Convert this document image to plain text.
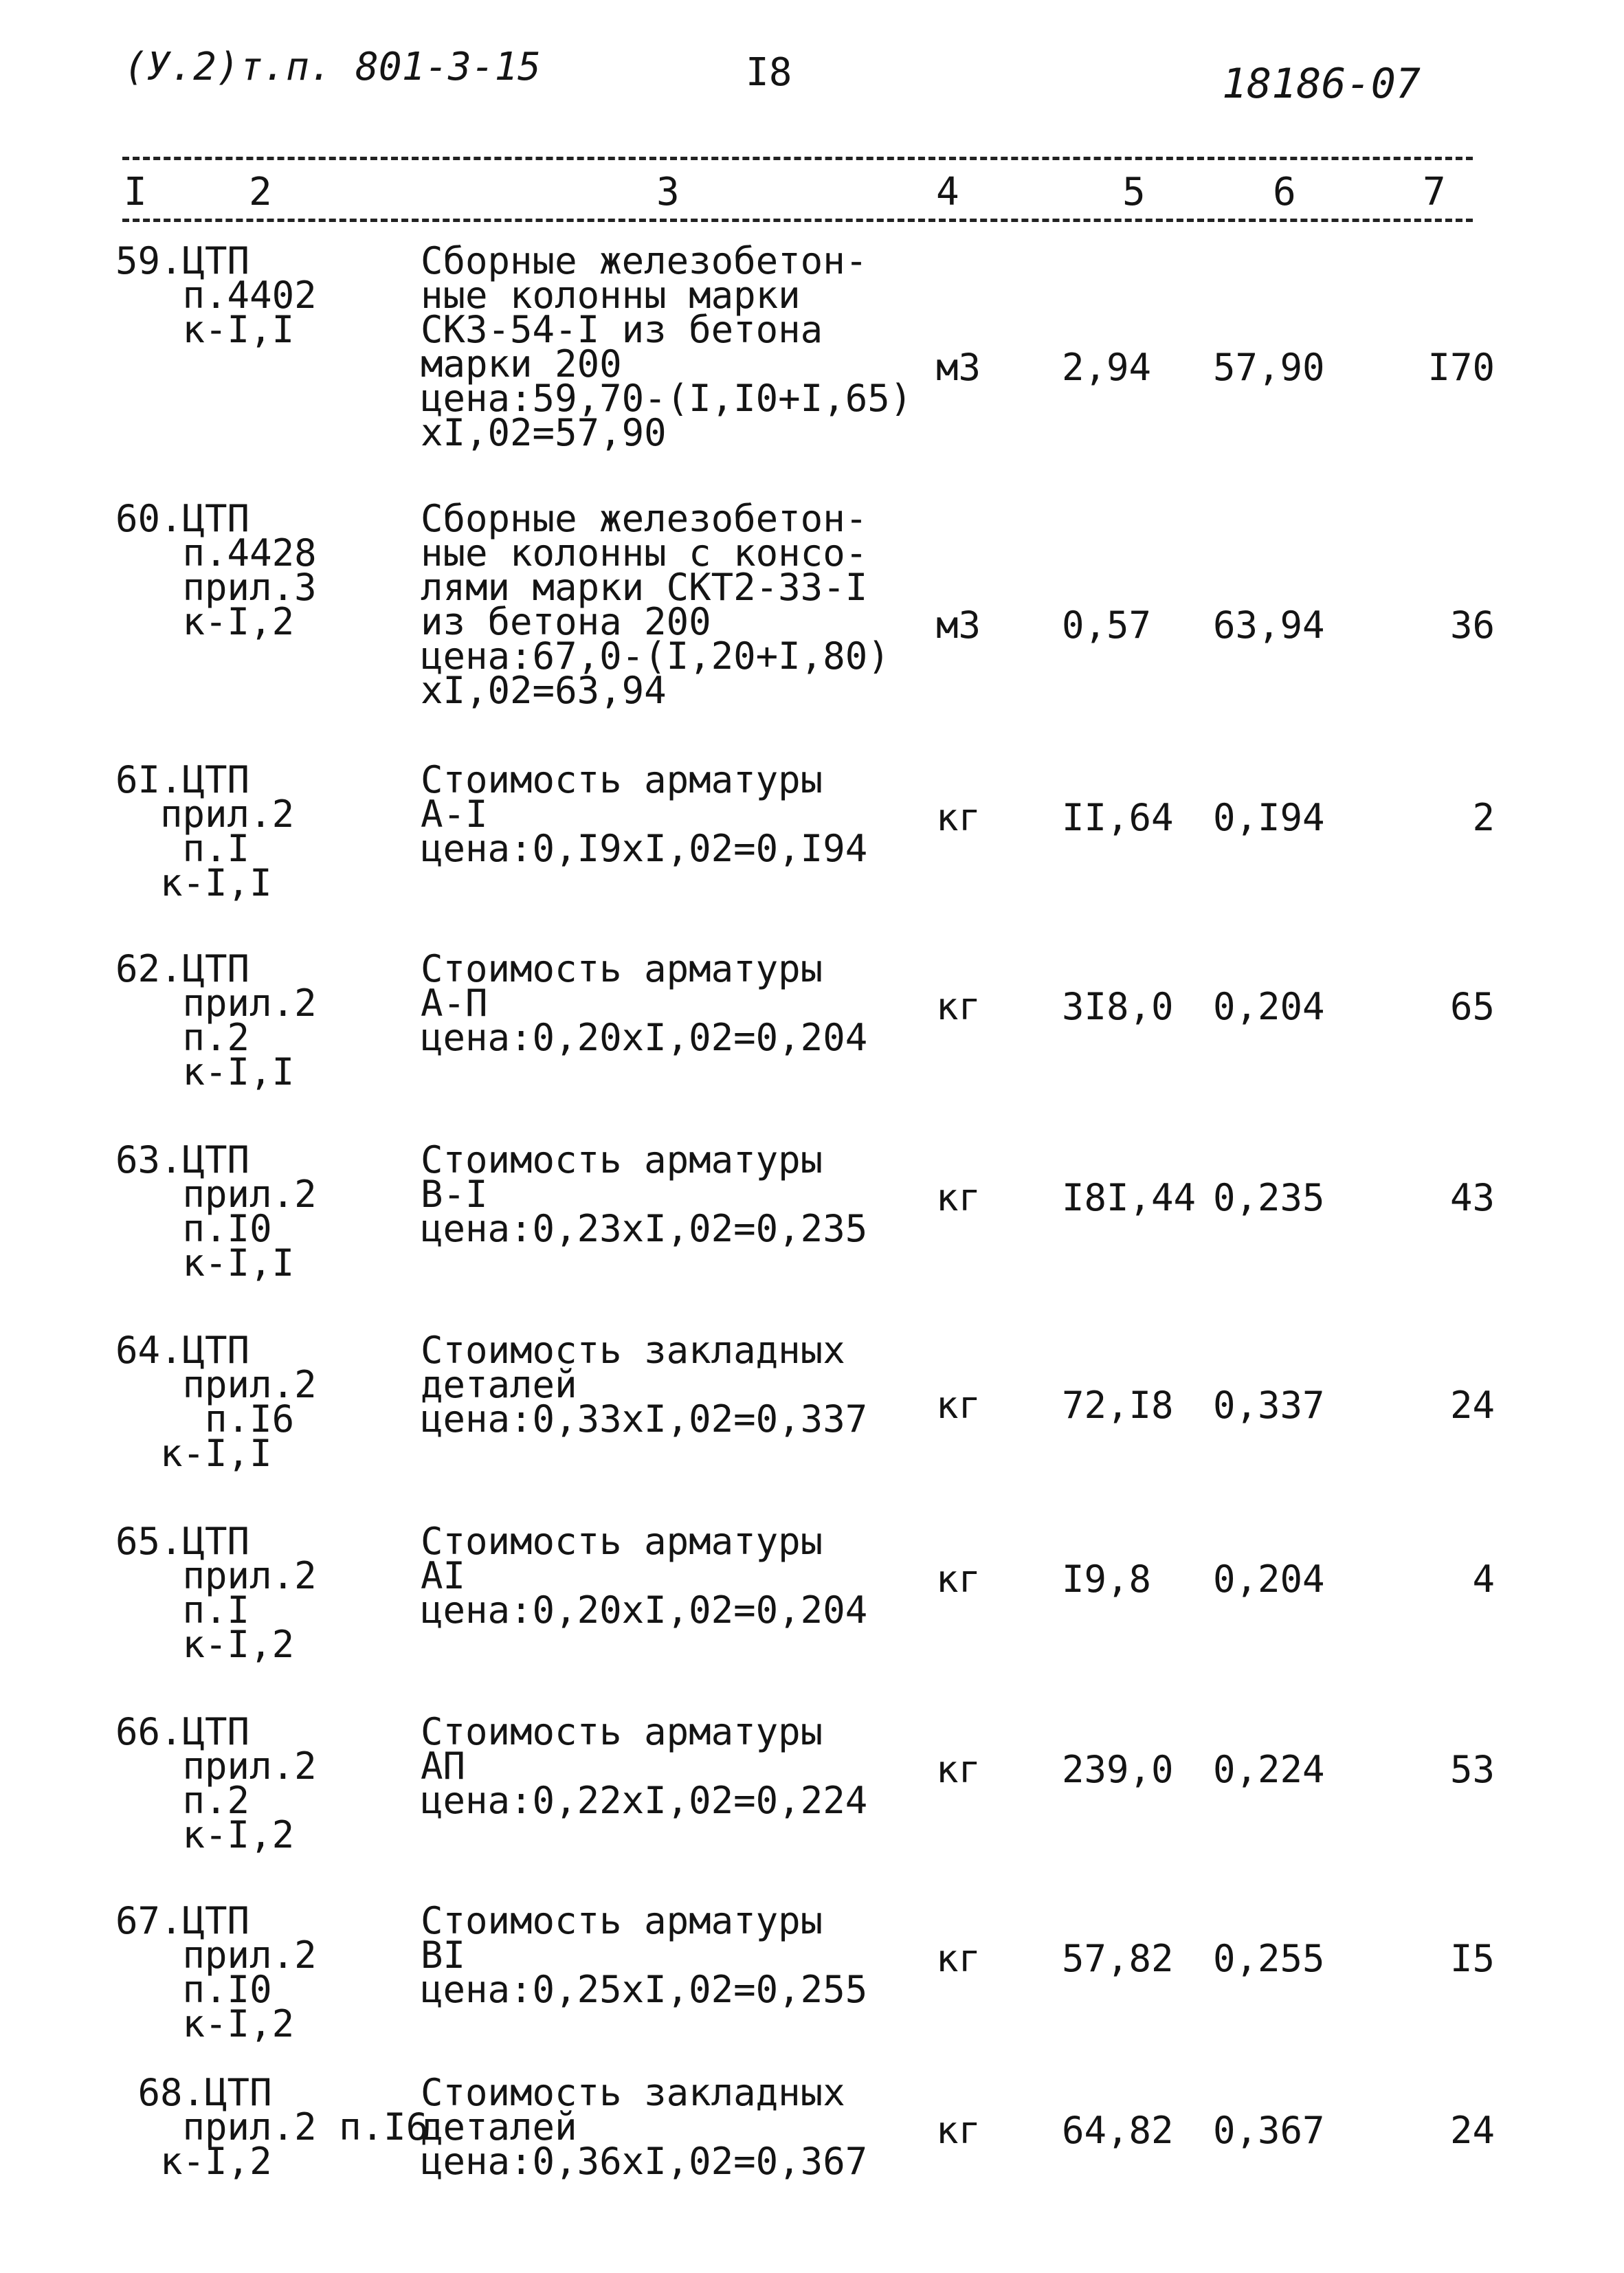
(У.2)т.п. 801-3-15	I8	18186-07
I	2	3	4	5	6	7
59.ЦТП
п.4402
к-I,I
Сборные железобетон-
ные колонны марки
СКЗ-54-I из бетона
марки 200
цена:59,70-(I,I0+I,65)
xI,02=57,90
м3 2,94 57,90	I70
60.ЦТП
п.4428
прил.3
к-I,2
Сборные железобетон-
ные колонны с консо-
лями марки СКТ2-33-I
из бетона 200
цена:67,0-(I,20+I,80)
xI,02=63,94
м3 0,57 63,94	36
6I.ЦТП
прил.2
п.I
к-I,I
Стоимость арматуры
А-I
цена:0,I9xI,02=0,I94
кг II,64 0,I94	2
62.ЦТП
прил.2
п.2
к-I,I
Стоимость арматуры
А-П
цена:0,20xI,02=0,204
кг 3I8,0 0,204	65
63.ЦТП
прил.2
п.I0
к-I,I
Стоимость арматуры
В-I
цена:0,23xI,02=0,235
кг I8I,44 0,235	43
64.ЦТП
прил.2
п.I6
к-I,I
Стоимость закладных
деталей
цена:0,33xI,02=0,337 кг 72,I8 0,337	24
65.ЦТП
прил.2
п.I
к-I,2
Стоимость арматуры
АI
цена:0,20xI,02=0,204
кг I9,8 0,204	4
66.ЦТП
прил.2
п.2
к-I,2
Стоимость арматуры
АП
цена:0,22xI,02=0,224
кг 239,0 0,224	53
67.ЦТП
прил.2
п.I0
к-I,2
Стоимость арматуры
ВI
цена:0,25xI,02=0,255
кг 57,82 0,255	I5
68.ЦТП
прил.2 п.I6
к-I,2
Стоимость закладных
деталей
цена:0,36xI,02=0,367
кг 64,82 0,367	24
